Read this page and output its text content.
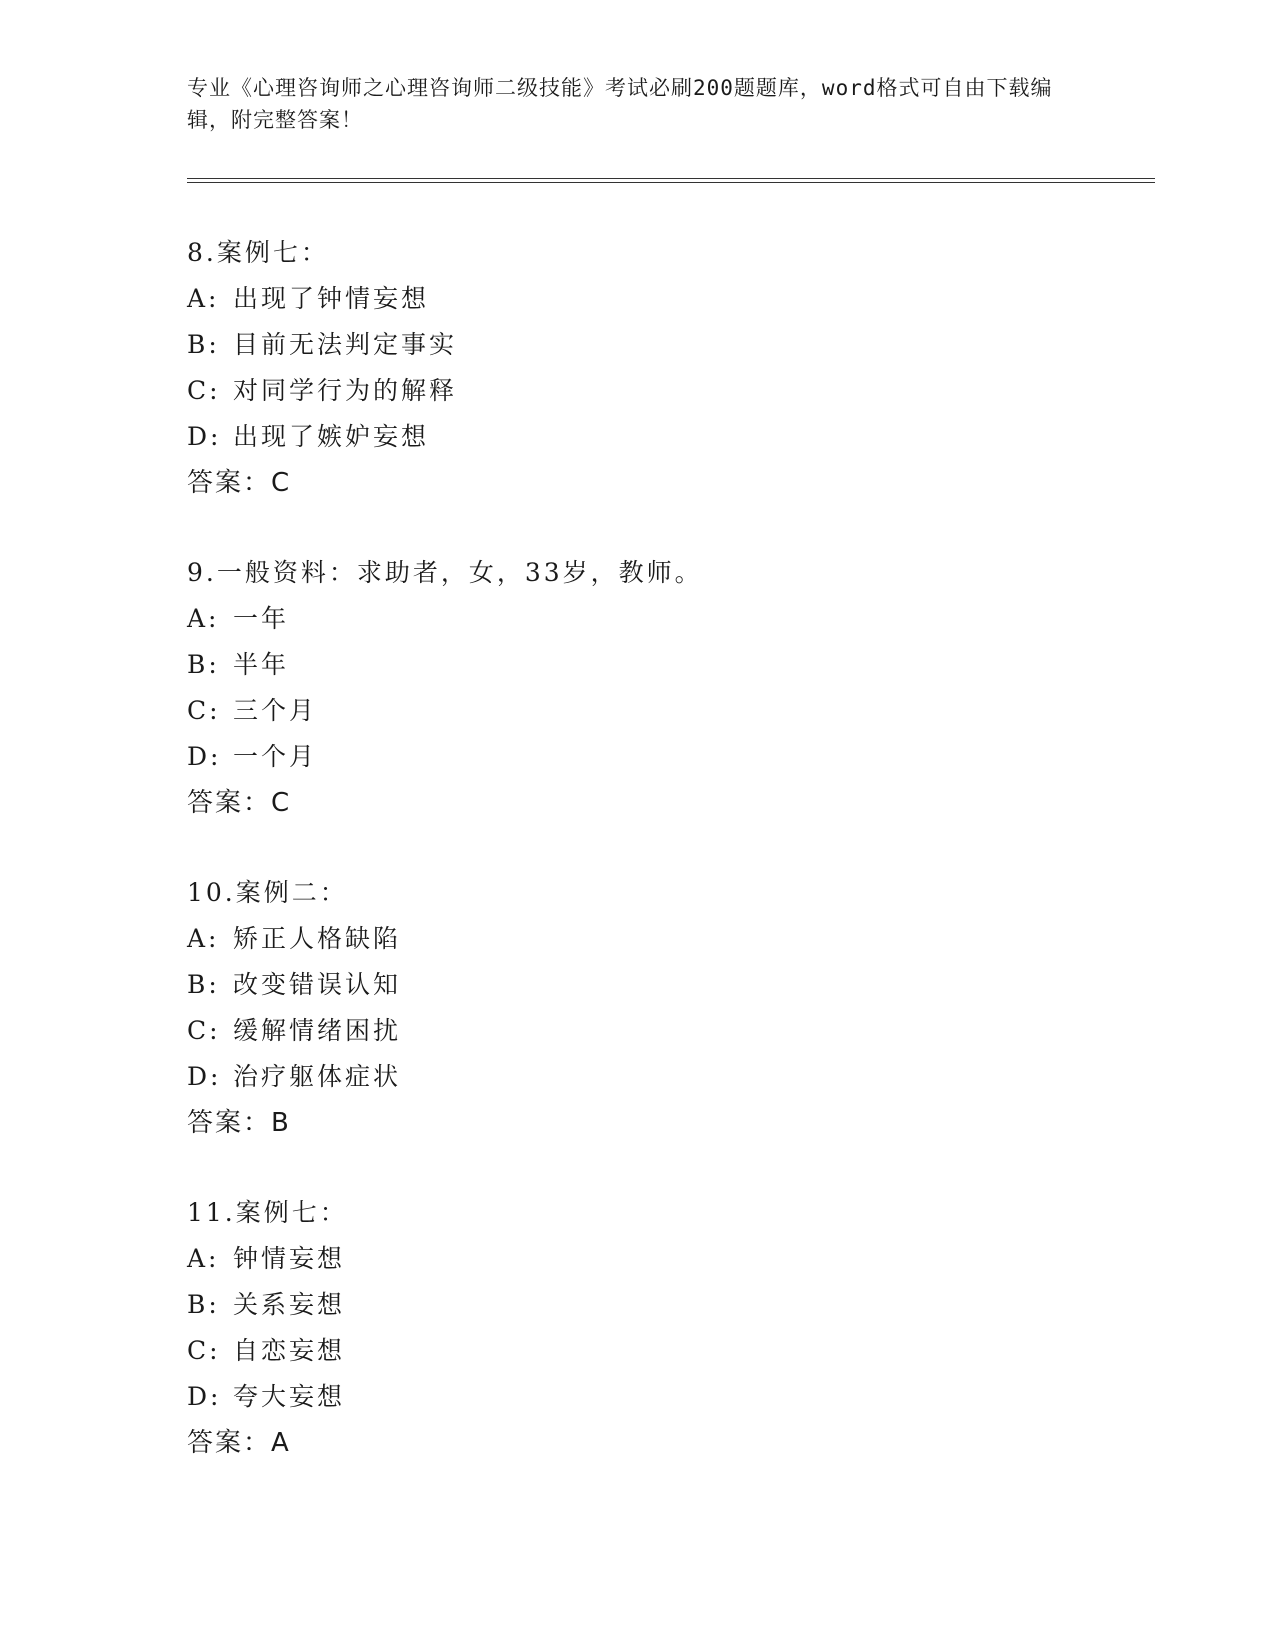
专业《心理咨询师之心理咨询师二级技能》考试必刷200题题库，word格式可自由下载编辑，附完整答案！
8.案例七：
A: 出现了钟情妄想
B: 目前无法判定事实
C: 对同学行为的解释
D: 出现了嫉妒妄想
答案：C
9.一般资料：求助者，女，33岁，教师。
A: 一年
B: 半年
C: 三个月
D: 一个月
答案：C
10.案例二：
A: 矫正人格缺陷
B: 改变错误认知
C: 缓解情绪困扰
D: 治疗躯体症状
答案：B
11.案例七：
A: 钟情妄想
B: 关系妄想
C: 自恋妄想
D: 夸大妄想
答案：A
